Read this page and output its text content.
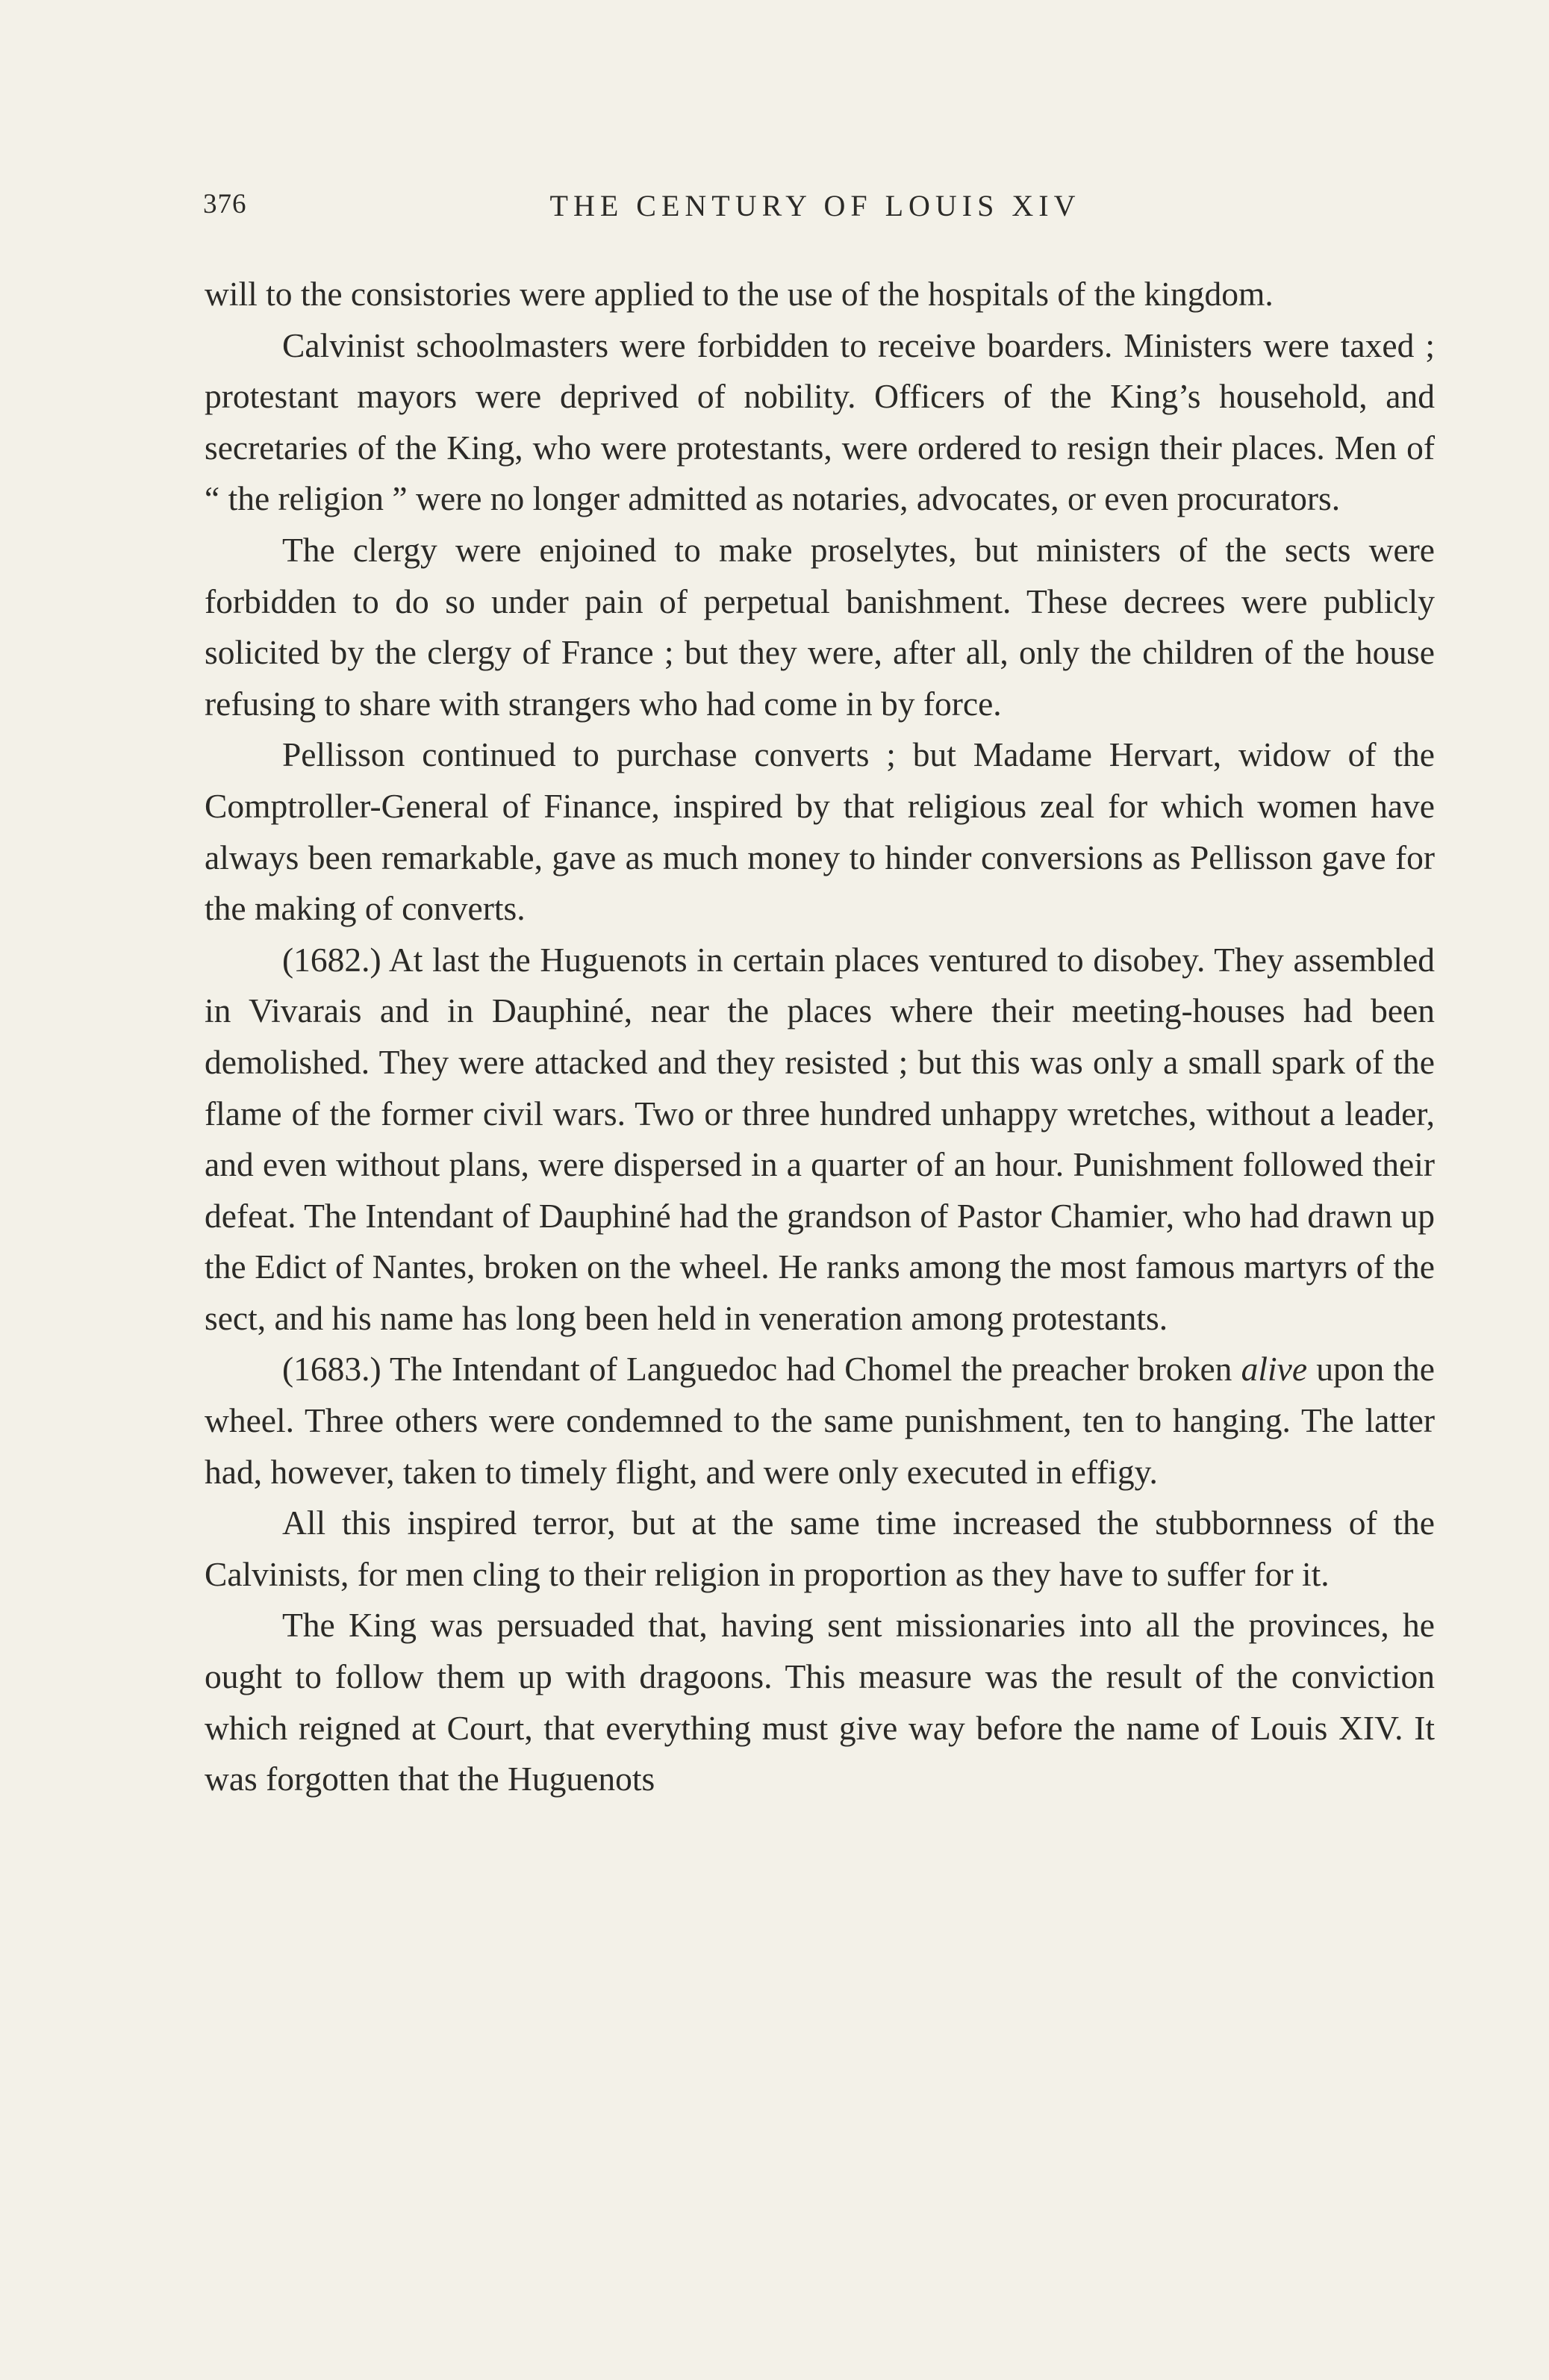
376	THE CENTURY OF LOUIS XIV

will to the consistories were applied to the use of the hospitals of the kingdom.

Calvinist schoolmasters were forbidden to receive boarders. Ministers were taxed ; protestant mayors were deprived of nobility. Officers of the King’s household, and secretaries of the King, who were protestants, were ordered to resign their places. Men of “ the religion ” were no longer admitted as notaries, advocates, or even procurators.

The clergy were enjoined to make proselytes, but ministers of the sects were forbidden to do so under pain of perpetual banishment. These decrees were publicly solicited by the clergy of France ; but they were, after all, only the children of the house refusing to share with strangers who had come in by force.

Pellisson continued to purchase converts ; but Madame Hervart, widow of the Comptroller-General of Finance, inspired by that religious zeal for which women have always been remarkable, gave as much money to hinder conversions as Pellisson gave for the making of converts.

(1682.) At last the Huguenots in certain places ventured to disobey. They assembled in Vivarais and in Dauphiné, near the places where their meeting-houses had been demolished. They were attacked and they resisted ; but this was only a small spark of the flame of the former civil wars. Two or three hundred unhappy wretches, without a leader, and even without plans, were dispersed in a quarter of an hour. Punishment followed their defeat. The Intendant of Dauphiné had the grandson of Pastor Chamier, who had drawn up the Edict of Nantes, broken on the wheel. He ranks among the most famous martyrs of the sect, and his name has long been held in veneration among protestants.

(1683.) The Intendant of Languedoc had Chomel the preacher broken alive upon the wheel. Three others were condemned to the same punishment, ten to hanging. The latter had, however, taken to timely flight, and were only executed in effigy.

All this inspired terror, but at the same time increased the stubbornness of the Calvinists, for men cling to their religion in proportion as they have to suffer for it.

The King was persuaded that, having sent missionaries into all the provinces, he ought to follow them up with dragoons. This measure was the result of the conviction which reigned at Court, that everything must give way before the name of Louis XIV. It was forgotten that the Huguenots
